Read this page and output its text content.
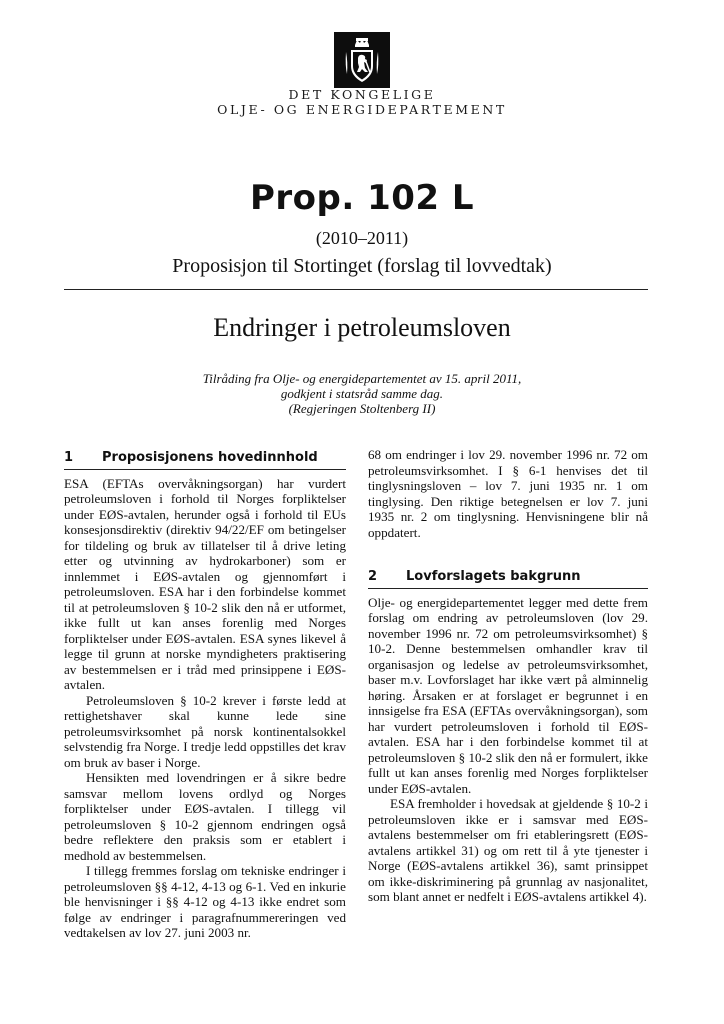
DET KONGELIGE
OLJE- OG ENERGIDEPARTEMENT
Prop. 102 L
(2010–2011)
Proposisjon til Stortinget (forslag til lovvedtak)
Endringer i petroleumsloven
Tilråding fra Olje- og energidepartementet av 15. april 2011,
godkjent i statsråd samme dag.
(Regjeringen Stoltenberg II)
1	Proposisjonens hovedinnhold

ESA (EFTAs overvåkningsorgan) har vurdert petroleumsloven i forhold til Norges forpliktelser under EØS-avtalen, herunder også i forhold til EUs konsesjonsdirektiv (direktiv 94/22/EF om betingelser for tildeling og bruk av tillatelser til å drive leting etter og utvinning av hydrokarboner) som er innlemmet i EØS-avtalen og gjennomført i petroleumsloven. ESA har i den forbindelse kommet til at petroleumsloven § 10-2 slik den nå er utformet, ikke fullt ut kan anses forenlig med Norges forpliktelser under EØS-avtalen. ESA synes likevel å legge til grunn at norske myndigheters praktisering av bestemmelsen er i tråd med prinsippene i EØS-avtalen.

Petroleumsloven § 10-2 krever i første ledd at rettighetshaver skal kunne lede sine petroleumsvirksomhet på norsk kontinentalsokkel selvstendig fra Norge. I tredje ledd oppstilles det krav om bruk av baser i Norge.

Hensikten med lovendringen er å sikre bedre samsvar mellom lovens ordlyd og Norges forpliktelser under EØS-avtalen. I tillegg vil petroleumsloven § 10-2 gjennom endringen også bedre reflektere den praksis som er etablert i medhold av bestemmelsen.

I tillegg fremmes forslag om tekniske endringer i petroleumsloven §§ 4-12, 4-13 og 6-1. Ved en inkurie ble henvisninger i §§ 4-12 og 4-13 ikke endret som følge av endringer i paragrafnummereringen ved vedtakelsen av lov 27. juni 2003 nr.

68 om endringer i lov 29. november 1996 nr. 72 om petroleumsvirksomhet. I § 6-1 henvises det til tinglysningsloven – lov 7. juni 1935 nr. 1 om tinglysing. Den riktige betegnelsen er lov 7. juni 1935 nr. 2 om tinglysning. Henvisningene blir nå oppdatert.

2	Lovforslagets bakgrunn

Olje- og energidepartementet legger med dette frem forslag om endring av petroleumsloven (lov 29. november 1996 nr. 72 om petroleumsvirksomhet) § 10-2. Denne bestemmelsen omhandler krav til organisasjon og ledelse av petroleumsvirksomhet, baser m.v. Lovforslaget har ikke vært på alminnelig høring. Årsaken er at forslaget er begrunnet i en innsigelse fra ESA (EFTAs overvåkningsorgan), som har vurdert petroleumsloven i forhold til EØS-avtalen. ESA har i den forbindelse kommet til at petroleumsloven § 10-2 slik den nå er formulert, ikke fullt ut kan anses forenlig med Norges forpliktelser under EØS-avtalen.

ESA fremholder i hovedsak at gjeldende § 10-2 i petroleumsloven ikke er i samsvar med EØS-avtalens bestemmelser om fri etableringsrett (EØS-avtalens artikkel 31) og om rett til å yte tjenester i Norge (EØS-avtalens artikkel 36), samt prinsippet om ikke-diskriminering på grunnlag av nasjonalitet, som blant annet er nedfelt i EØS-avtalens artikkel 4).
